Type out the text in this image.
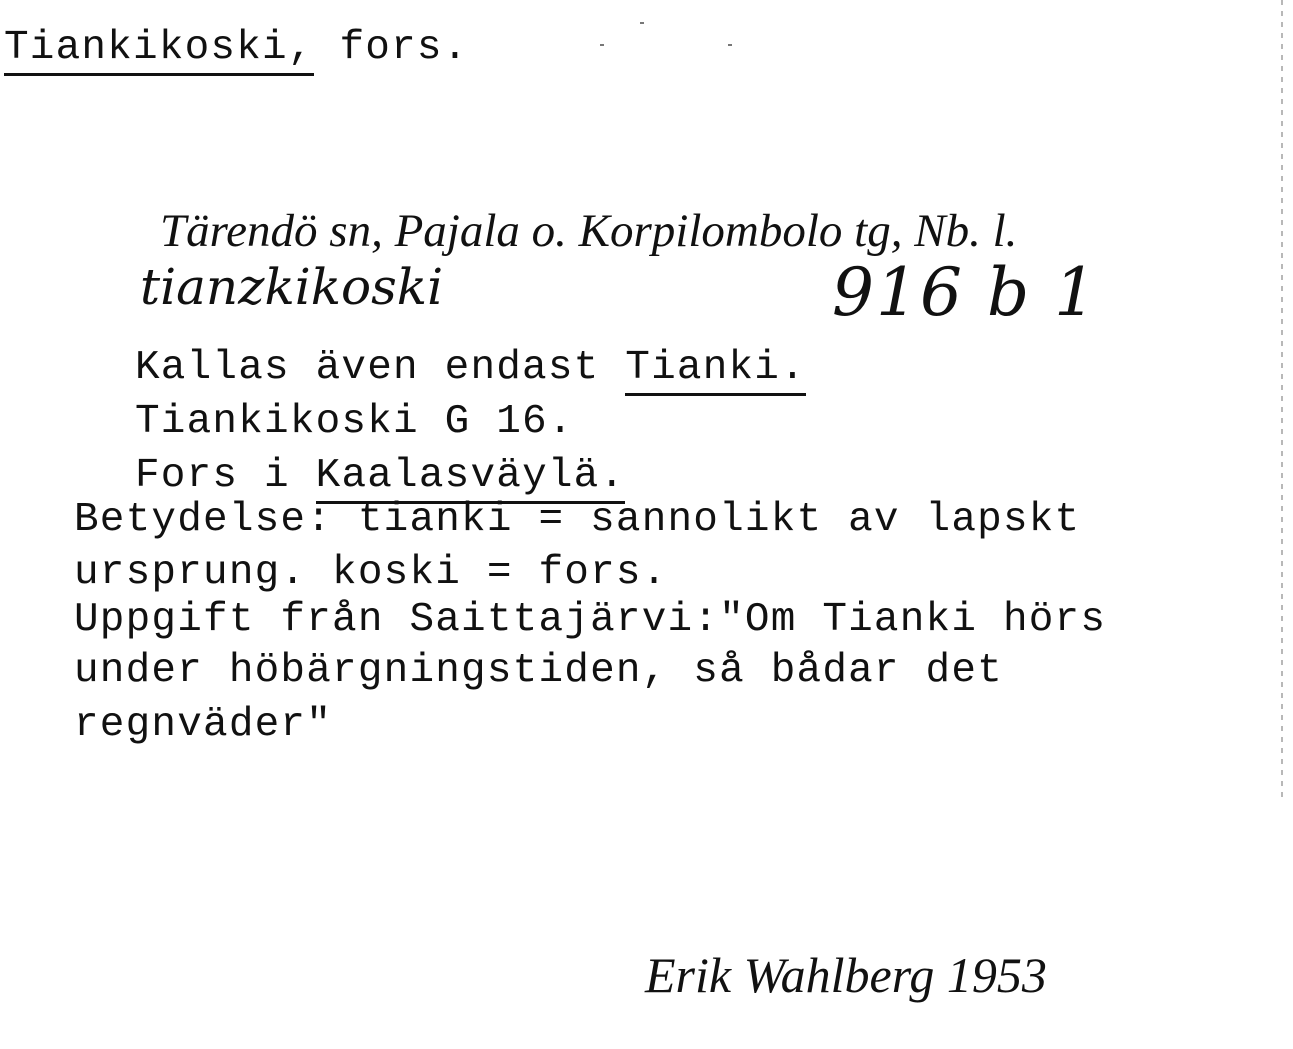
Tiankikoski, fors.
Tärendö sn, Pajala o. Korpilombolo tg, Nb. l.
tianzkikoski	916 b 1
Kallas även endast Tianki.
Tiankikoski G 16.
Fors i Kaalasväylä.
Betydelse: tianki = sannolikt av lapskt
ursprung. koski = fors.
Uppgift från Saittajärvi:"Om Tianki hörs
under höbärgningstiden, så bådar det
regnväder"
Erik Wahlberg 1953
